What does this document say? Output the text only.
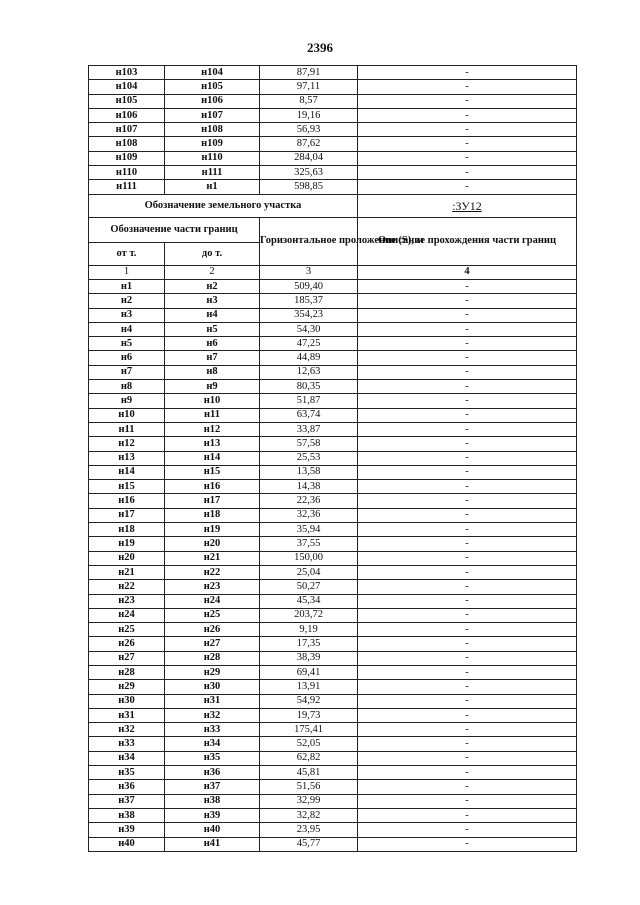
2396
н103	н104	87,91	-
н104	н105	97,11	-
н105	н106	8,57	-
н106	н107	19,16	-
н107	н108	56,93	-
н108	н109	87,62	-
н109	н110	284,04	-
н110	н111	325,63	-
н111	н1	598,85	-
Обозначение земельного участка			:ЗУ12
Обозначение части границ		Горизонтальное проложение (S), м	Описание прохождения части границ
от т.	до т.		
1	2	3	4
н1	н2	509,40	-
н2	н3	185,37	-
н3	н4	354,23	-
н4	н5	54,30	-
н5	н6	47,25	-
н6	н7	44,89	-
н7	н8	12,63	-
н8	н9	80,35	-
н9	н10	51,87	-
н10	н11	63,74	-
н11	н12	33,87	-
н12	н13	57,58	-
н13	н14	25,53	-
н14	н15	13,58	-
н15	н16	14,38	-
н16	н17	22,36	-
н17	н18	32,36	-
н18	н19	35,94	-
н19	н20	37,55	-
н20	н21	150,00	-
н21	н22	25,04	-
н22	н23	50,27	-
н23	н24	45,34	-
н24	н25	203,72	-
н25	н26	9,19	-
н26	н27	17,35	-
н27	н28	38,39	-
н28	н29	69,41	-
н29	н30	13,91	-
н30	н31	54,92	-
н31	н32	19,73	-
н32	н33	175,41	-
н33	н34	52,05	-
н34	н35	62,82	-
н35	н36	45,81	-
н36	н37	51,56	-
н37	н38	32,99	-
н38	н39	32,82	-
н39	н40	23,95	-
н40	н41	45,77	-
